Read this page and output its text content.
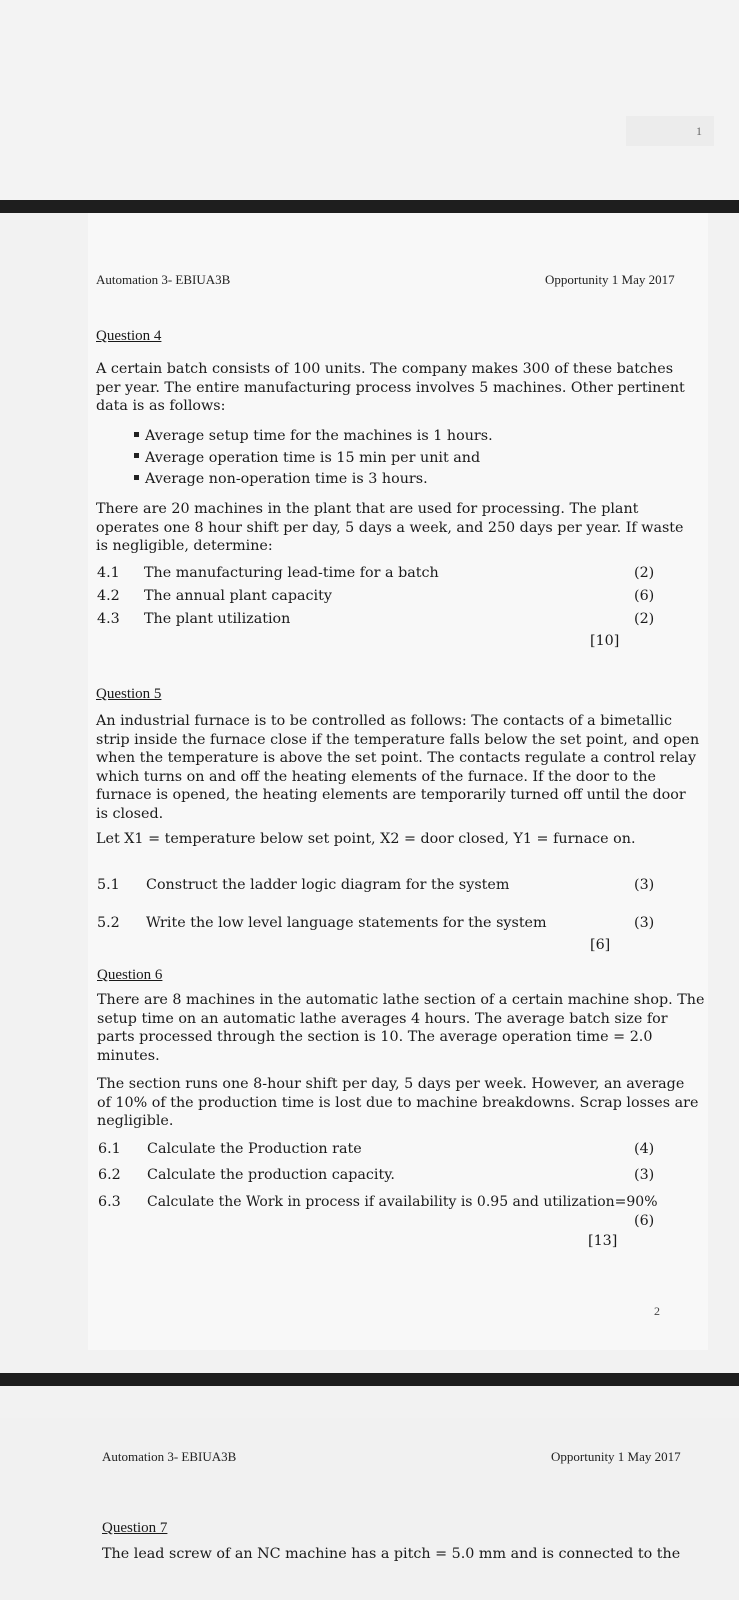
1
Automation 3- EBIUA3B	Opportunity 1 May 2017
Question 4
A certain batch consists of 100 units. The company makes 300 of these batches
per year. The entire manufacturing process involves 5 machines. Other pertinent
data is as follows:
Average setup time for the machines is 1 hours.
Average operation time is 15 min per unit and
Average non-operation time is 3 hours.
There are 20 machines in the plant that are used for processing. The plant
operates one 8 hour shift per day, 5 days a week, and 250 days per year. If waste
is negligible, determine:
4.1 The manufacturing lead-time for a batch	(2)
4.2 The annual plant capacity	(6)
4.3 The plant utilization	(2)
[10]
Question 5
An industrial furnace is to be controlled as follows: The contacts of a bimetallic
strip inside the furnace close if the temperature falls below the set point, and open
when the temperature is above the set point. The contacts regulate a control relay
which turns on and off the heating elements of the furnace. If the door to the
furnace is opened, the heating elements are temporarily turned off until the door
is closed.
Let X1 = temperature below set point, X2 = door closed, Y1 = furnace on.
5.1 Construct the ladder logic diagram for the system	(3)
5.2 Write the low level language statements for the system	(3)
[6]
Question 6
There are 8 machines in the automatic lathe section of a certain machine shop. The
setup time on an automatic lathe averages 4 hours. The average batch size for
parts processed through the section is 10. The average operation time = 2.0
minutes.
The section runs one 8-hour shift per day, 5 days per week. However, an average
of 10% of the production time is lost due to machine breakdowns. Scrap losses are
negligible.
6.1 Calculate the Production rate	(4)
6.2 Calculate the production capacity.	(3)
6.3 Calculate the Work in process if availability is 0.95 and utilization=90%
(6)
[13]
2
Automation 3- EBIUA3B	Opportunity 1 May 2017
Question 7
The lead screw of an NC machine has a pitch = 5.0 mm and is connected to the
